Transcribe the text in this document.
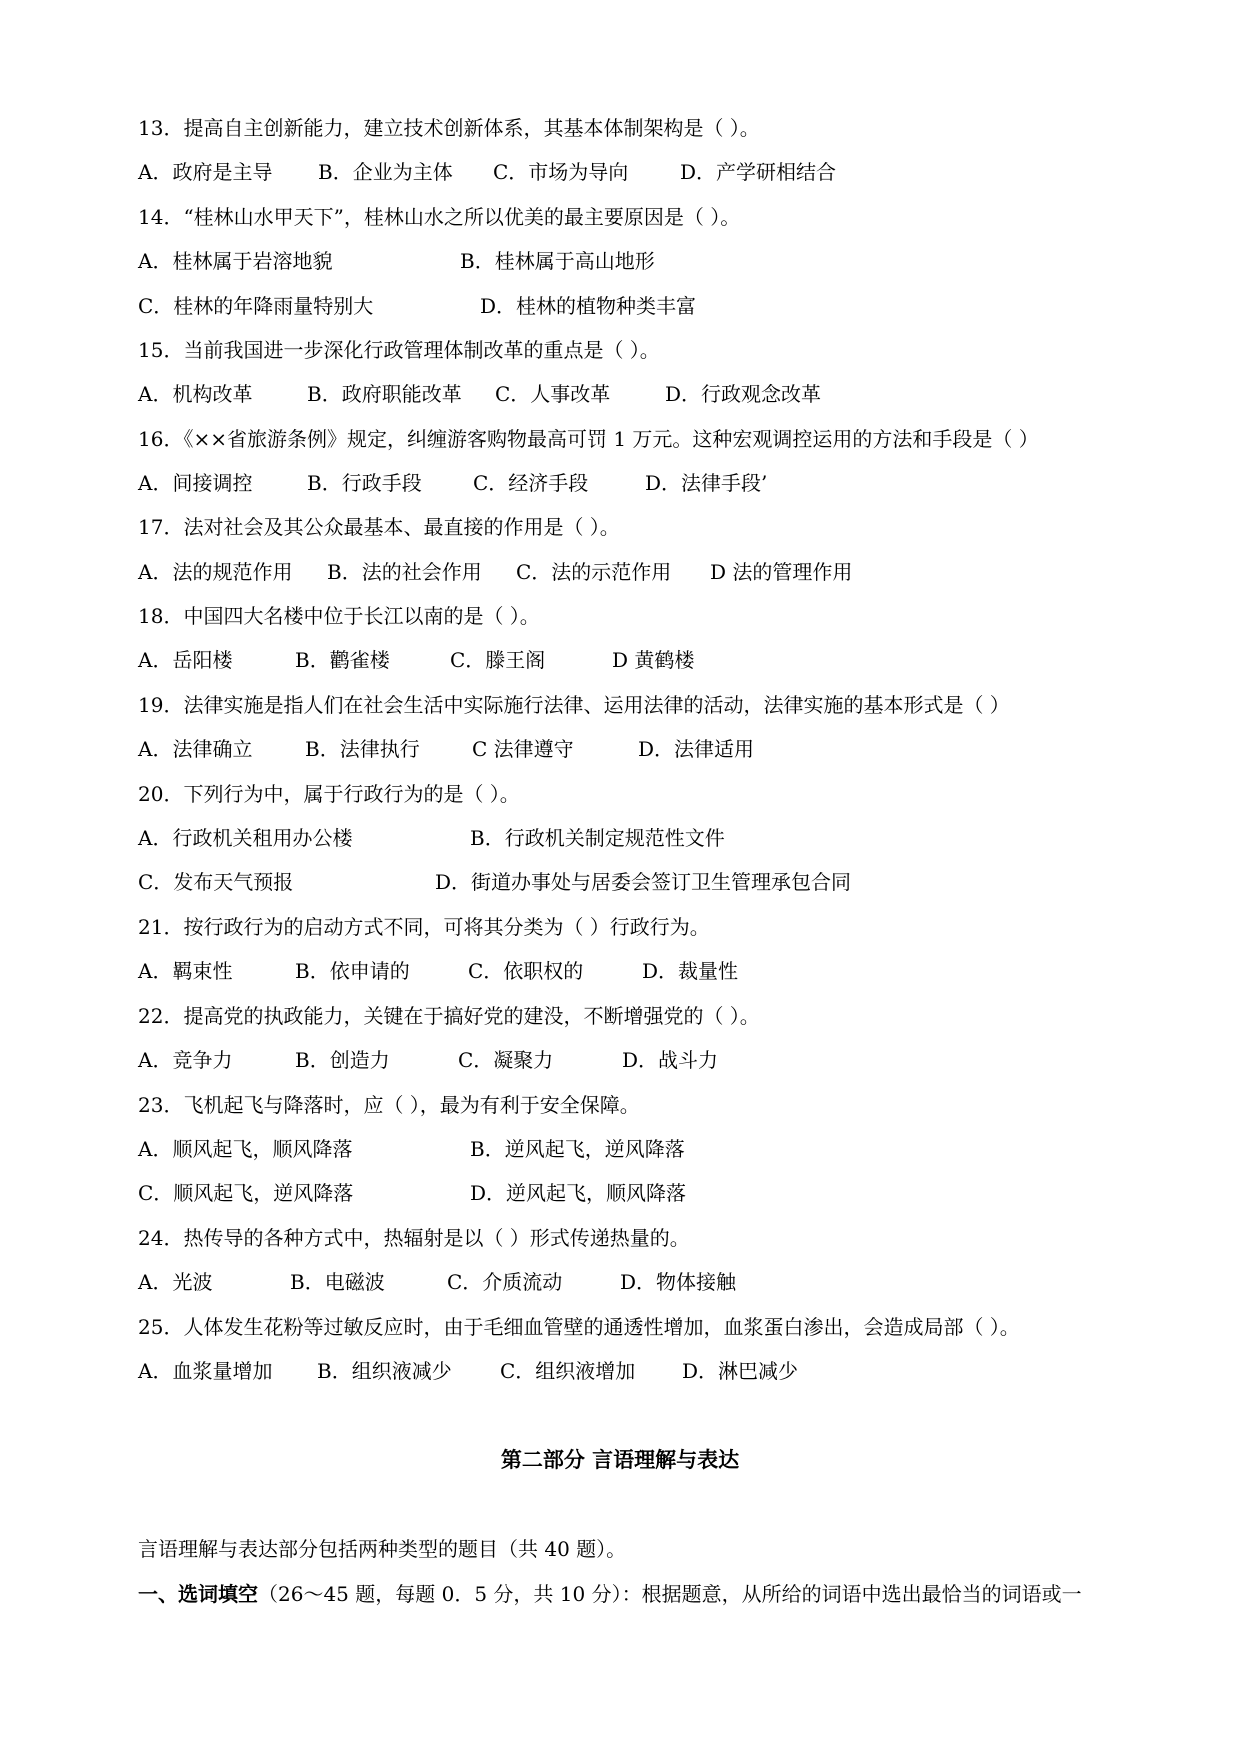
13．提高自主创新能力，建立技术创新体系，其基本体制架构是（ ）。
A．政府是主导 B．企业为主体 C．市场为导向	D．产学研相结合
14．“桂林山水甲天下”，桂林山水之所以优美的最主要原因是（ ）。
A．桂林属于岩溶地貌	B．桂林属于高山地形
C．桂林的年降雨量特别大	D．桂林的植物种类丰富
15．当前我国进一步深化行政管理体制改革的重点是（ ）。
A．机构改革	B．政府职能改革 C．人事改革	D．行政观念改革
16．《××省旅游条例》规定，纠缠游客购物最高可罚 1 万元。这种宏观调控运用的方法和手段是（ ）
A．间接调控	B．行政手段	C．经济手段	D．法律手段’
17．法对社会及其公众最基本、最直接的作用是（ ）。
A．法的规范作用 B．法的社会作用 C．法的示范作用 D 法的管理作用
18．中国四大名楼中位于长江以南的是（ ）。
A．岳阳楼	B．鹳雀楼	C．滕王阁	D 黄鹤楼
19．法律实施是指人们在社会生活中实际施行法律、运用法律的活动，法律实施的基本形式是（ ）
A．法律确立	B．法律执行	C 法律遵守	D．法律适用
20．下列行为中，属于行政行为的是（ ）。
A．行政机关租用办公楼	B．行政机关制定规范性文件
C．发布天气预报	D．街道办事处与居委会签订卫生管理承包合同
21．按行政行为的启动方式不同，可将其分类为（ ）行政行为。
A．羁束性	B．依申请的	C．依职权的	D．裁量性
22．提高党的执政能力，关键在于搞好党的建没，不断增强党的（ ）。
A．竞争力	B．创造力	C．凝聚力	D．战斗力
23．飞机起飞与降落时，应（ ），最为有利于安全保障。
A．顺风起飞，顺风降落	B．逆风起飞，逆风降落
C．顺风起飞，逆风降落	D．逆风起飞，顺风降落
24．热传导的各种方式中，热辐射是以（ ）形式传递热量的。
A．光波	B．电磁波	C．介质流动	D．物体接触
25．人体发生花粉等过敏反应时，由于毛细血管壁的通透性增加，血浆蛋白渗出，会造成局部（ ）。
A．血浆量增加 B．组织液减少 C．组织液增加 D．淋巴减少
第二部分 言语理解与表达
言语理解与表达部分包括两种类型的题目（共 40 题）。
一、选词填空（26～45 题，每题 0．5 分，共 10 分）：根据题意，从所给的词语中选出最恰当的词语或一
